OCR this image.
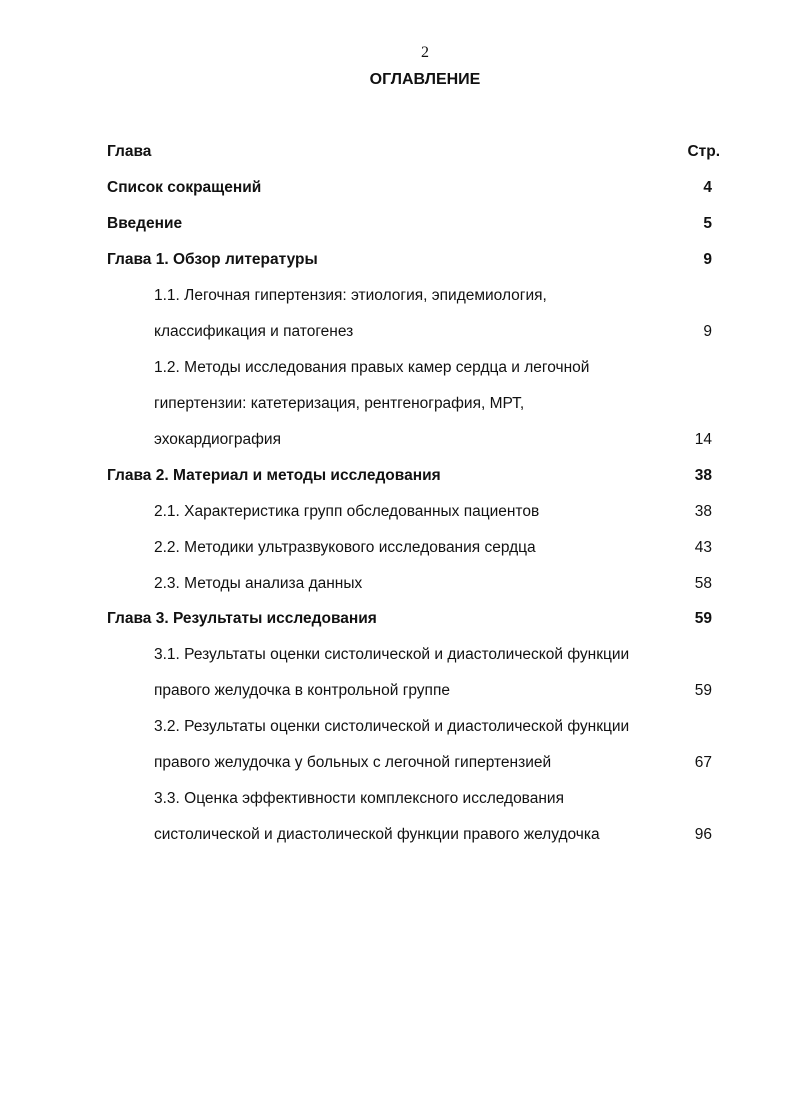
2
ОГЛАВЛЕНИЕ
Глава	Стр.
Список сокращений	4
Введение	5
Глава 1. Обзор литературы	9
1.1. Легочная гипертензия: этиология, эпидемиология,
классификация и патогенез	9
1.2. Методы исследования правых камер сердца и легочной
гипертензии: катетеризация, рентгенография, МРТ,
эхокардиография	14
Глава 2. Материал и методы исследования	38
2.1. Характеристика групп обследованных пациентов	38
2.2. Методики ультразвукового исследования сердца	43
2.3. Методы анализа данных	58
Глава 3. Результаты исследования	59
3.1. Результаты оценки систолической и диастолической функции
правого желудочка в контрольной группе	59
3.2. Результаты оценки систолической и диастолической функции
правого желудочка у больных с легочной гипертензией	67
3.3. Оценка эффективности комплексного исследования
систолической и диастолической функции правого желудочка	96
